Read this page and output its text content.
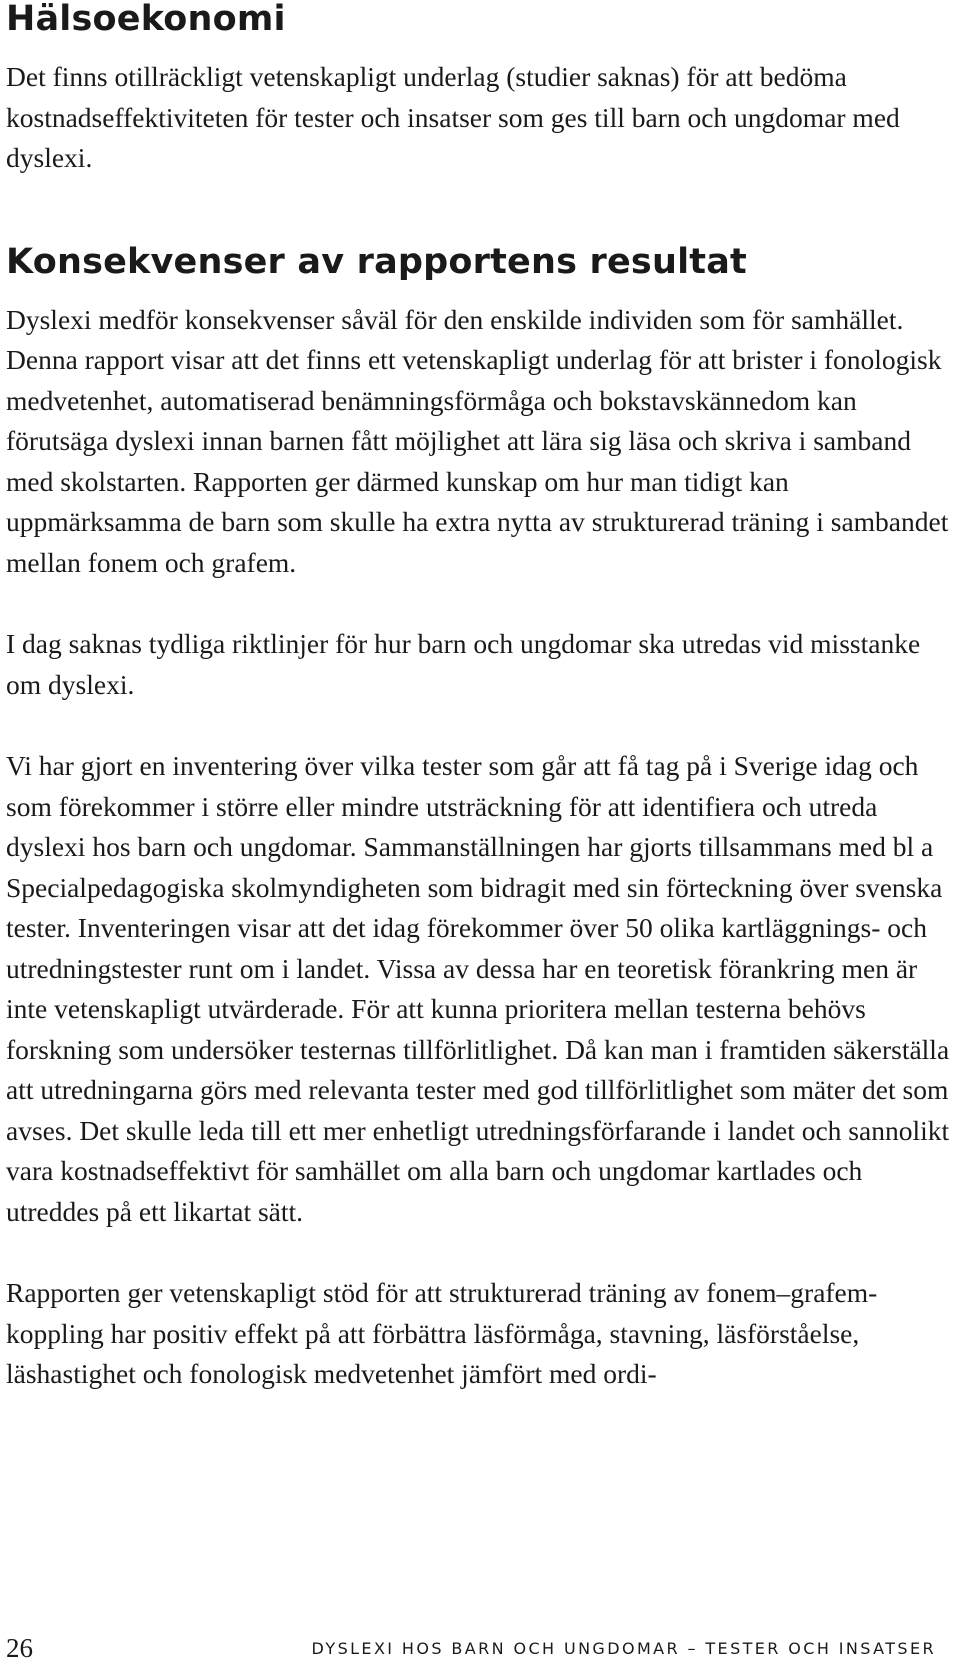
Hälsoekonomi

Det finns otillräckligt vetenskapligt underlag (studier saknas) för att bedöma kostnadseffektiviteten för tester och insatser som ges till barn och ungdomar med dyslexi.

Konsekvenser av rapportens resultat

Dyslexi medför konsekvenser såväl för den enskilde individen som för samhället. Denna rapport visar att det finns ett vetenskapligt underlag för att brister i fonologisk medvetenhet, automatiserad benämningsförmåga och bokstavskännedom kan förutsäga dyslexi innan barnen fått möjlighet att lära sig läsa och skriva i samband med skolstarten. Rapporten ger därmed kunskap om hur man tidigt kan uppmärksamma de barn som skulle ha extra nytta av strukturerad träning i sambandet mellan fonem och grafem.

I dag saknas tydliga riktlinjer för hur barn och ungdomar ska utredas vid misstanke om dyslexi.

Vi har gjort en inventering över vilka tester som går att få tag på i Sverige idag och som förekommer i större eller mindre utsträckning för att identifiera och utreda dyslexi hos barn och ungdomar. Sammanställningen har gjorts tillsammans med bl a Specialpedagogiska skolmyndigheten som bidragit med sin förteckning över svenska tester. Inventeringen visar att det idag förekommer över 50 olika kartläggnings- och utredningstester runt om i landet. Vissa av dessa har en teoretisk förankring men är inte vetenskapligt utvärderade. För att kunna prioritera mellan testerna behövs forskning som undersöker testernas tillförlitlighet. Då kan man i framtiden säkerställa att utredningarna görs med relevanta tester med god tillförlitlighet som mäter det som avses. Det skulle leda till ett mer enhetligt utredningsförfarande i landet och sannolikt vara kostnadseffektivt för samhället om alla barn och ungdomar kartlades och utreddes på ett likartat sätt.

Rapporten ger vetenskapligt stöd för att strukturerad träning av fonem–grafem-koppling har positiv effekt på att förbättra läsförmåga, stavning, läsförståelse, läshastighet och fonologisk medvetenhet jämfört med ordi-

26	DYSLEXI HOS BARN OCH UNGDOMAR – TESTER OCH INSATSER
